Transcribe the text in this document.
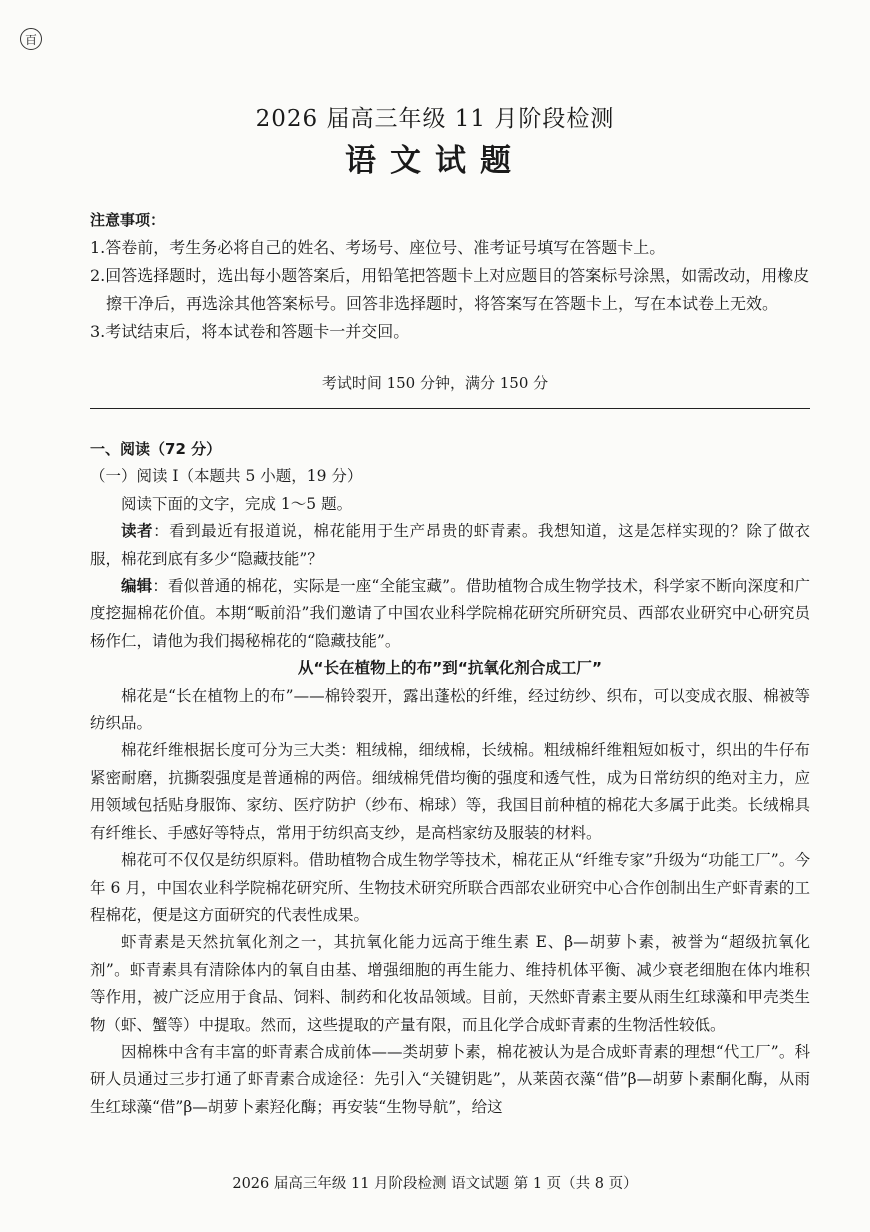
百
2026 届高三年级 11 月阶段检测
语文试题
注意事项：
1.答卷前，考生务必将自己的姓名、考场号、座位号、准考证号填写在答题卡上。
2.回答选择题时，选出每小题答案后，用铅笔把答题卡上对应题目的答案标号涂黑，如需改动，用橡皮擦干净后，再选涂其他答案标号。回答非选择题时，将答案写在答题卡上，写在本试卷上无效。
3.考试结束后，将本试卷和答题卡一并交回。
考试时间 150 分钟，满分 150 分
一、阅读（72 分）
（一）阅读 Ⅰ（本题共 5 小题，19 分）
阅读下面的文字，完成 1～5 题。
读者：看到最近有报道说，棉花能用于生产昂贵的虾青素。我想知道，这是怎样实现的？除了做衣服，棉花到底有多少“隐藏技能”？
编辑：看似普通的棉花，实际是一座“全能宝藏”。借助植物合成生物学技术，科学家不断向深度和广度挖掘棉花价值。本期“畈前沿”我们邀请了中国农业科学院棉花研究所研究员、西部农业研究中心研究员杨作仁，请他为我们揭秘棉花的“隐藏技能”。
从“长在植物上的布”到“抗氧化剂合成工厂”
棉花是“长在植物上的布”——棉铃裂开，露出蓬松的纤维，经过纺纱、织布，可以变成衣服、棉被等纺织品。
棉花纤维根据长度可分为三大类：粗绒棉，细绒棉，长绒棉。粗绒棉纤维粗短如板寸，织出的牛仔布紧密耐磨，抗撕裂强度是普通棉的两倍。细绒棉凭借均衡的强度和透气性，成为日常纺织的绝对主力，应用领域包括贴身服饰、家纺、医疗防护（纱布、棉球）等，我国目前种植的棉花大多属于此类。长绒棉具有纤维长、手感好等特点，常用于纺织高支纱，是高档家纺及服装的材料。
棉花可不仅仅是纺织原料。借助植物合成生物学等技术，棉花正从“纤维专家”升级为“功能工厂”。今年 6 月，中国农业科学院棉花研究所、生物技术研究所联合西部农业研究中心合作创制出生产虾青素的工程棉花，便是这方面研究的代表性成果。
虾青素是天然抗氧化剂之一，其抗氧化能力远高于维生素 E、β—胡萝卜素，被誉为“超级抗氧化剂”。虾青素具有清除体内的氧自由基、增强细胞的再生能力、维持机体平衡、减少衰老细胞在体内堆积等作用，被广泛应用于食品、饲料、制药和化妆品领域。目前，天然虾青素主要从雨生红球藻和甲壳类生物（虾、蟹等）中提取。然而，这些提取的产量有限，而且化学合成虾青素的生物活性较低。
因棉株中含有丰富的虾青素合成前体——类胡萝卜素，棉花被认为是合成虾青素的理想“代工厂”。科研人员通过三步打通了虾青素合成途径：先引入“关键钥匙”，从莱茵衣藻“借”β—胡萝卜素酮化酶，从雨生红球藻“借”β—胡萝卜素羟化酶；再安装“生物导航”，给这
2026 届高三年级 11 月阶段检测 语文试题 第 1 页（共 8 页）
